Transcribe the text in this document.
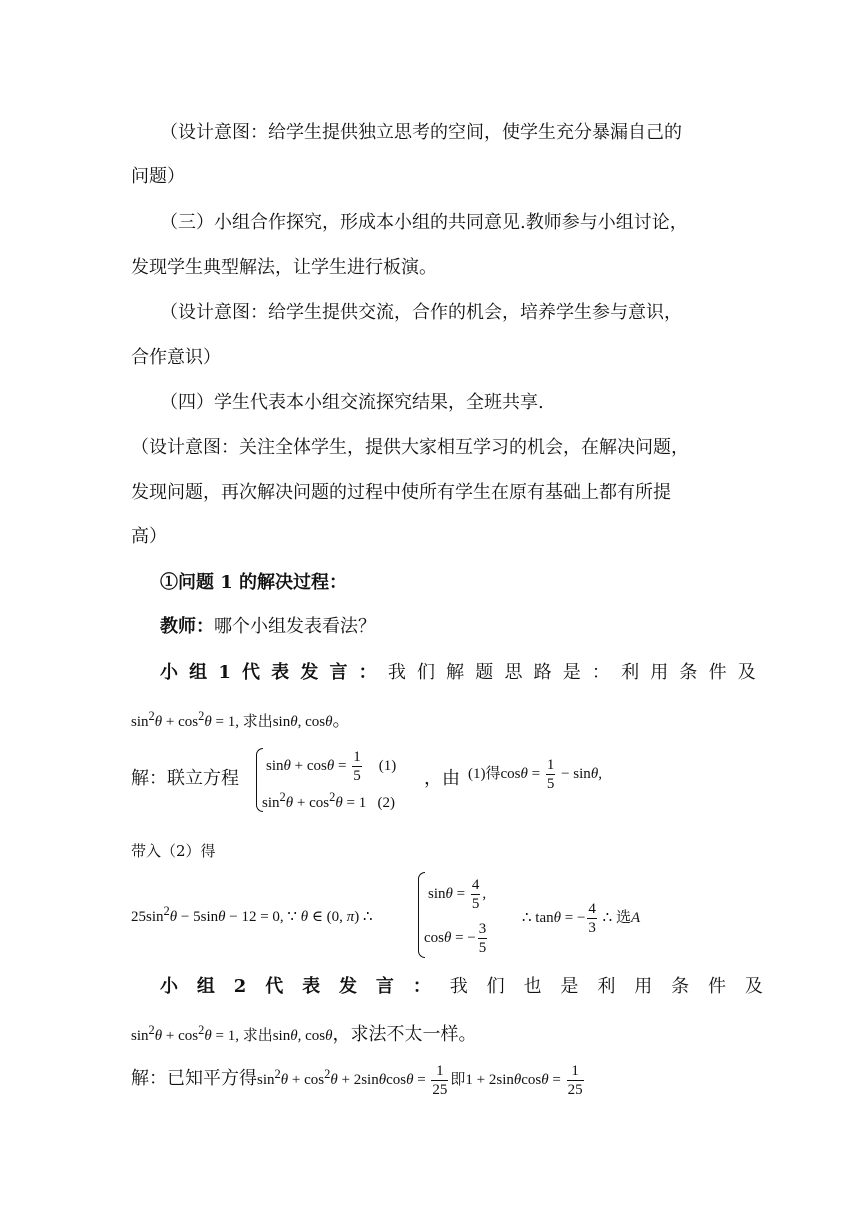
（设计意图：给学生提供独立思考的空间，使学生充分暴漏自己的
问题）
（三）小组合作探究，形成本小组的共同意见.教师参与小组讨论，
发现学生典型解法，让学生进行板演。
（设计意图：给学生提供交流，合作的机会，培养学生参与意识，
合作意识）
（四）学生代表本小组交流探究结果，全班共享.
（设计意图：关注全体学生，提供大家相互学习的机会，在解决问题，
发现问题，再次解决问题的过程中使所有学生在原有基础上都有所提
高）
①问题 1 的解决过程：
教师：哪个小组发表看法？
小组1代表发言：我们解题思路是：利用条件及
$\sin^2\theta + \cos^2\theta = 1$, 求出sinθ, cosθ。
解：联立方程
$\sin\theta + \cos\theta = \frac{1}{5} (1)$
$\sin^2\theta + \cos^2\theta = 1$   (2)
，由 (1)得$\cos\theta = \frac{1}{5} - \sin\theta$,
带入（2）得
$25\sin^2\theta - 5\sin\theta - 12 = 0$, ∵ θ ∈ (0, π) ∴
$\sin\theta = \frac{4}{5}$ ,
cosθ = − $\frac{3}{5}$
∴ tanθ = − $\frac{4}{3}$ ∴ 选A
小组2代表发言：我们也是利用条件及
$\sin^2\theta + \cos^2\theta = 1$, 求出sinθ, cosθ，求法不太一样。
解：已知平方得$\sin^2\theta + \cos^2\theta + 2\sin\theta\cos\theta = \frac{1}{25}$ 即$1 + 2\sin\theta\cos\theta = \frac{1}{25}$
